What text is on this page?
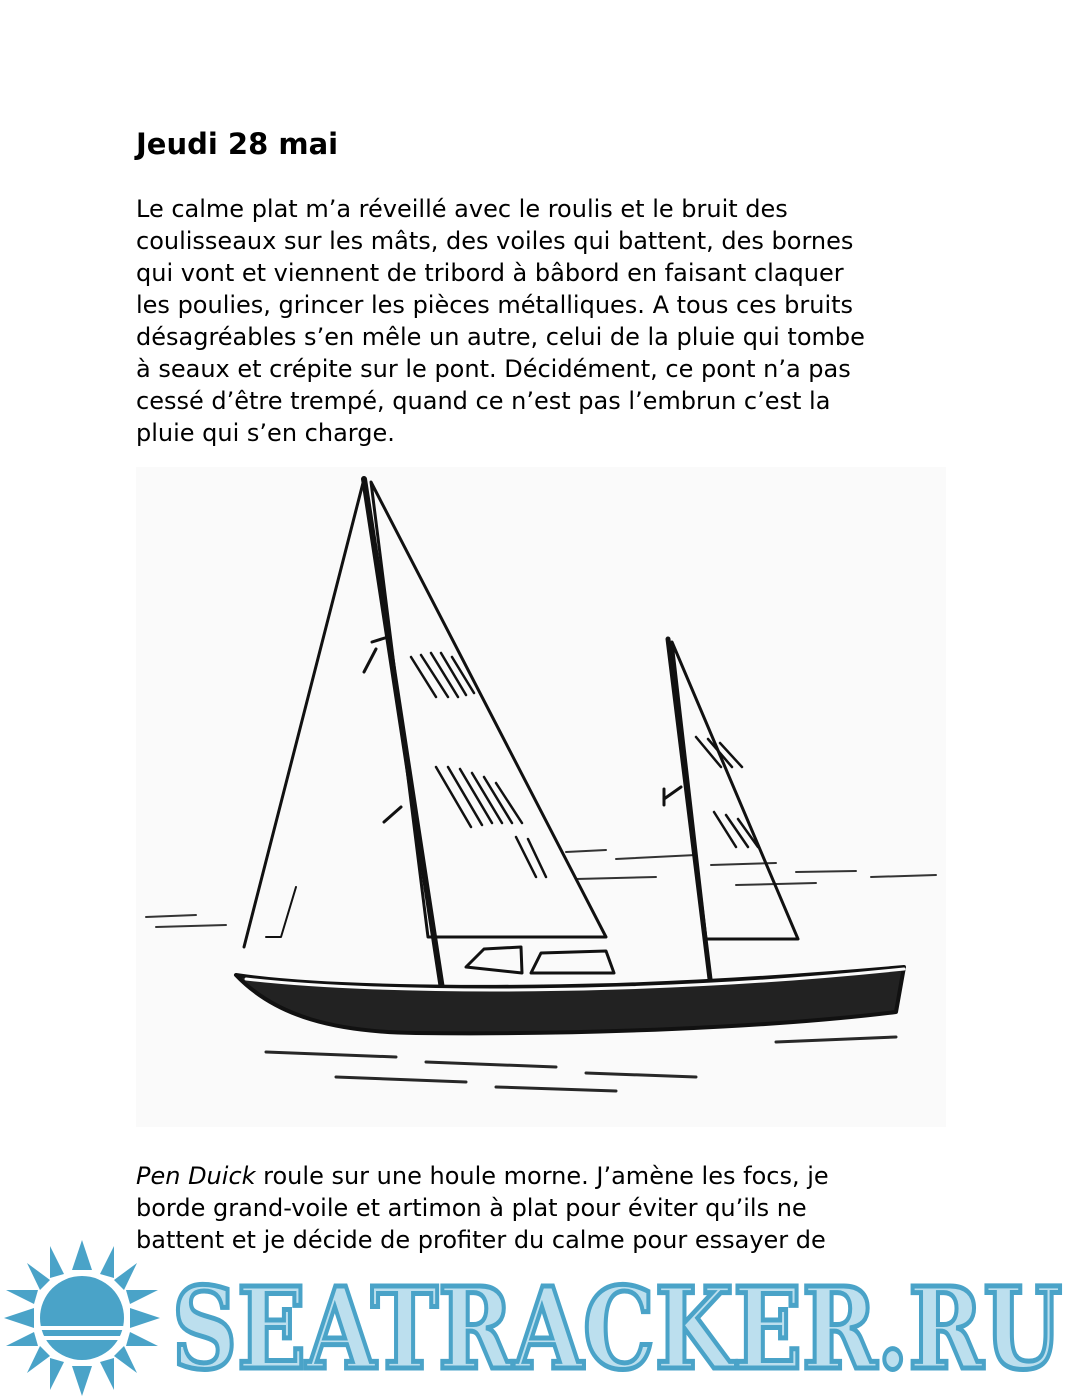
Jeudi 28 mai

Le calme plat m’a réveillé avec le roulis et le bruit des
coulisseaux sur les mâts, des voiles qui battent, des bornes
qui vont et viennent de tribord à bâbord en faisant claquer
les poulies, grincer les pièces métalliques. A tous ces bruits
désagréables s’en mêle un autre, celui de la pluie qui tombe
à seaux et crépite sur le pont. Décidément, ce pont n’a pas
cessé d’être trempé, quand ce n’est pas l’embrun c’est la
pluie qui s’en charge.

Pen Duick roule sur une houle morne. J’amène les focs, je
borde grand-voile et artimon à plat pour éviter qu’ils ne
battent et je décide de profiter du calme pour essayer de

SEATRACKER.RU
